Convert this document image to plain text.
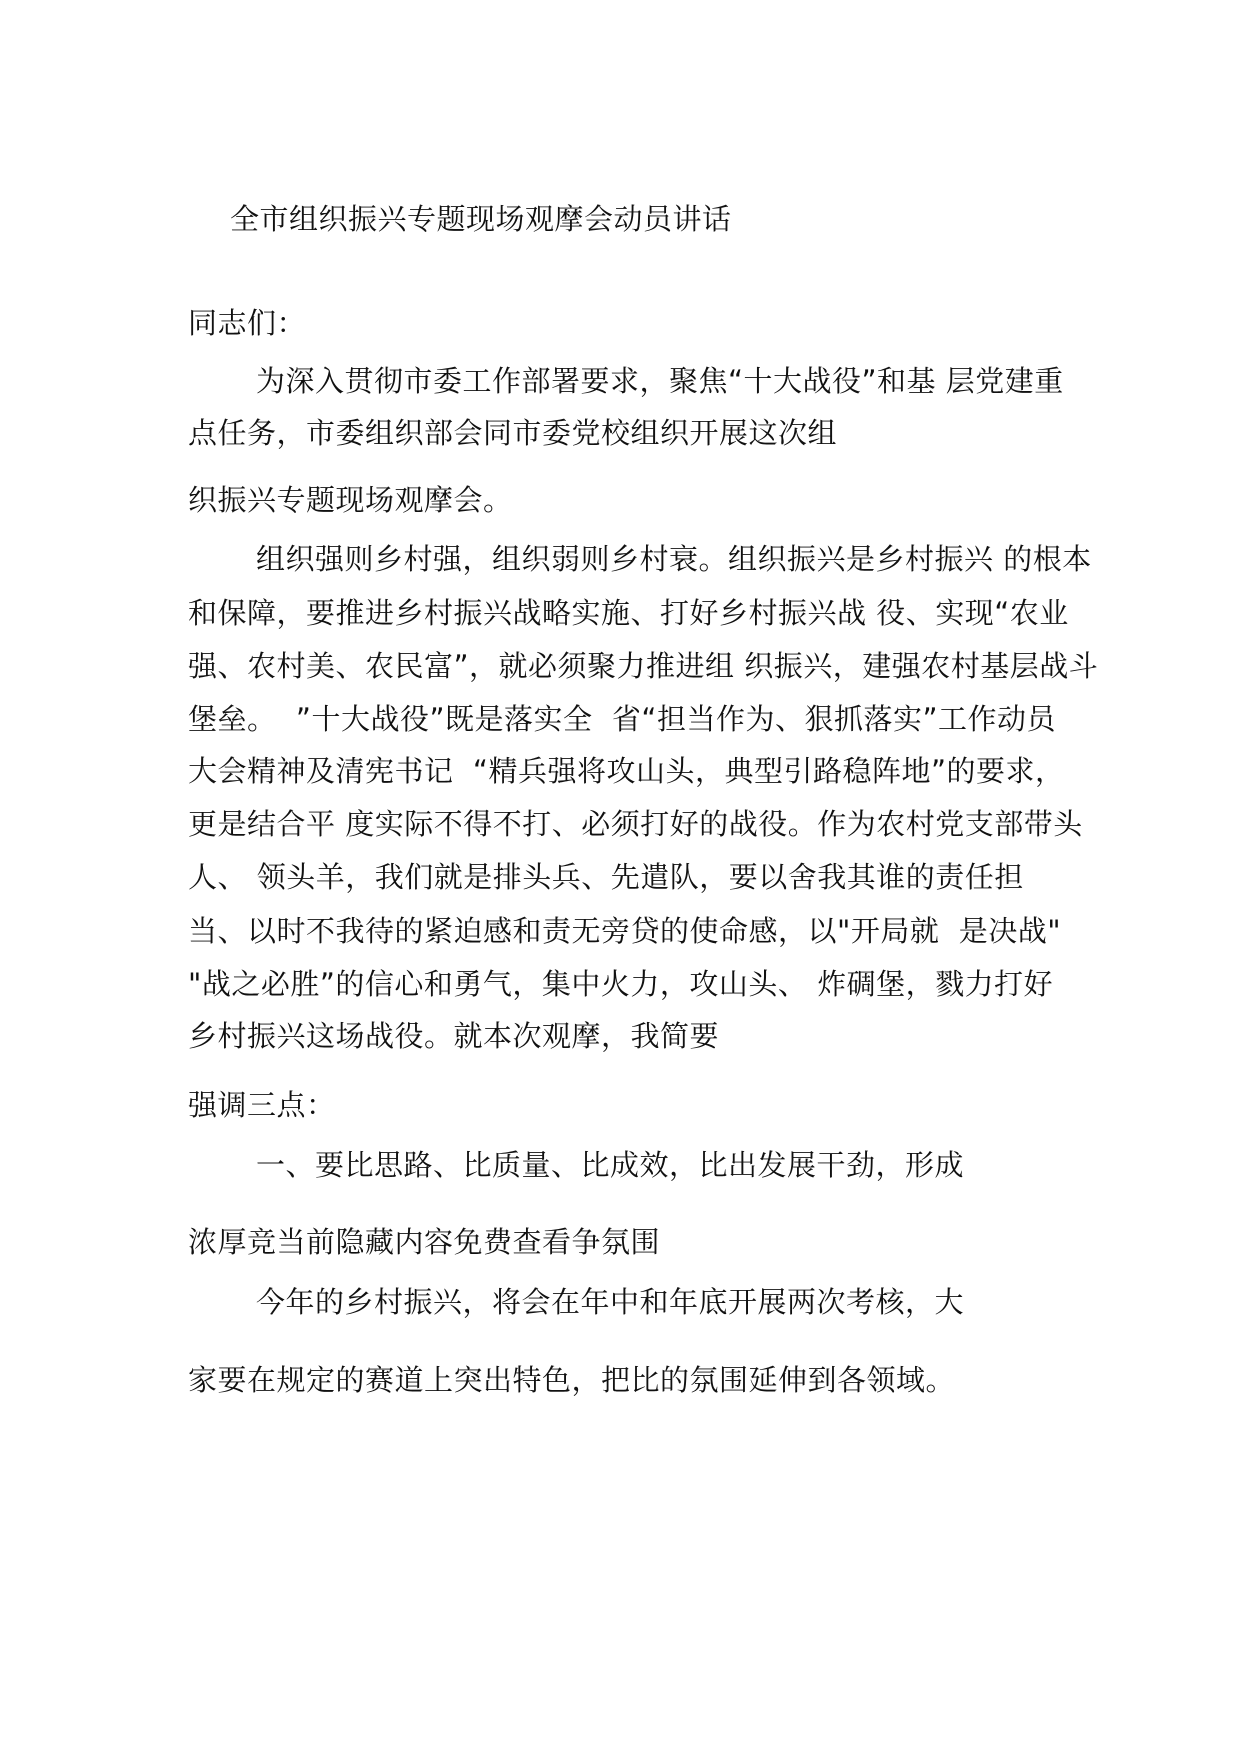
全市组织振兴专题现场观摩会动员讲话
同志们：
为深入贯彻市委工作部署要求，聚焦“十大战役”和基 层党建重
点任务，市委组织部会同市委党校组织开展这次组
织振兴专题现场观摩会。
组织强则乡村强，组织弱则乡村衰。组织振兴是乡村振兴 的根本
和保障，要推进乡村振兴战略实施、打好乡村振兴战 役、实现“农业
强、农村美、农民富”，就必须聚力推进组 织振兴，建强农村基层战斗
堡垒。  ”十大战役”既是落实全  省“担当作为、狠抓落实”工作动员
大会精神及清宪书记  “精兵强将攻山头，典型引路稳阵地”的要求，
更是结合平 度实际不得不打、必须打好的战役。作为农村党支部带头
人、 领头羊，我们就是排头兵、先遣队，要以舍我其谁的责任担
当、以时不我待的紧迫感和责无旁贷的使命感，以"开局就  是决战"
"战之必胜”的信心和勇气，集中火力，攻山头、 炸碉堡，戮力打好
乡村振兴这场战役。就本次观摩，我简要
强调三点：
一、要比思路、比质量、比成效，比出发展干劲，形成
浓厚竞当前隐藏内容免费查看争氛围
今年的乡村振兴，将会在年中和年底开展两次考核，大
家要在规定的赛道上突出特色，把比的氛围延伸到各领域。
